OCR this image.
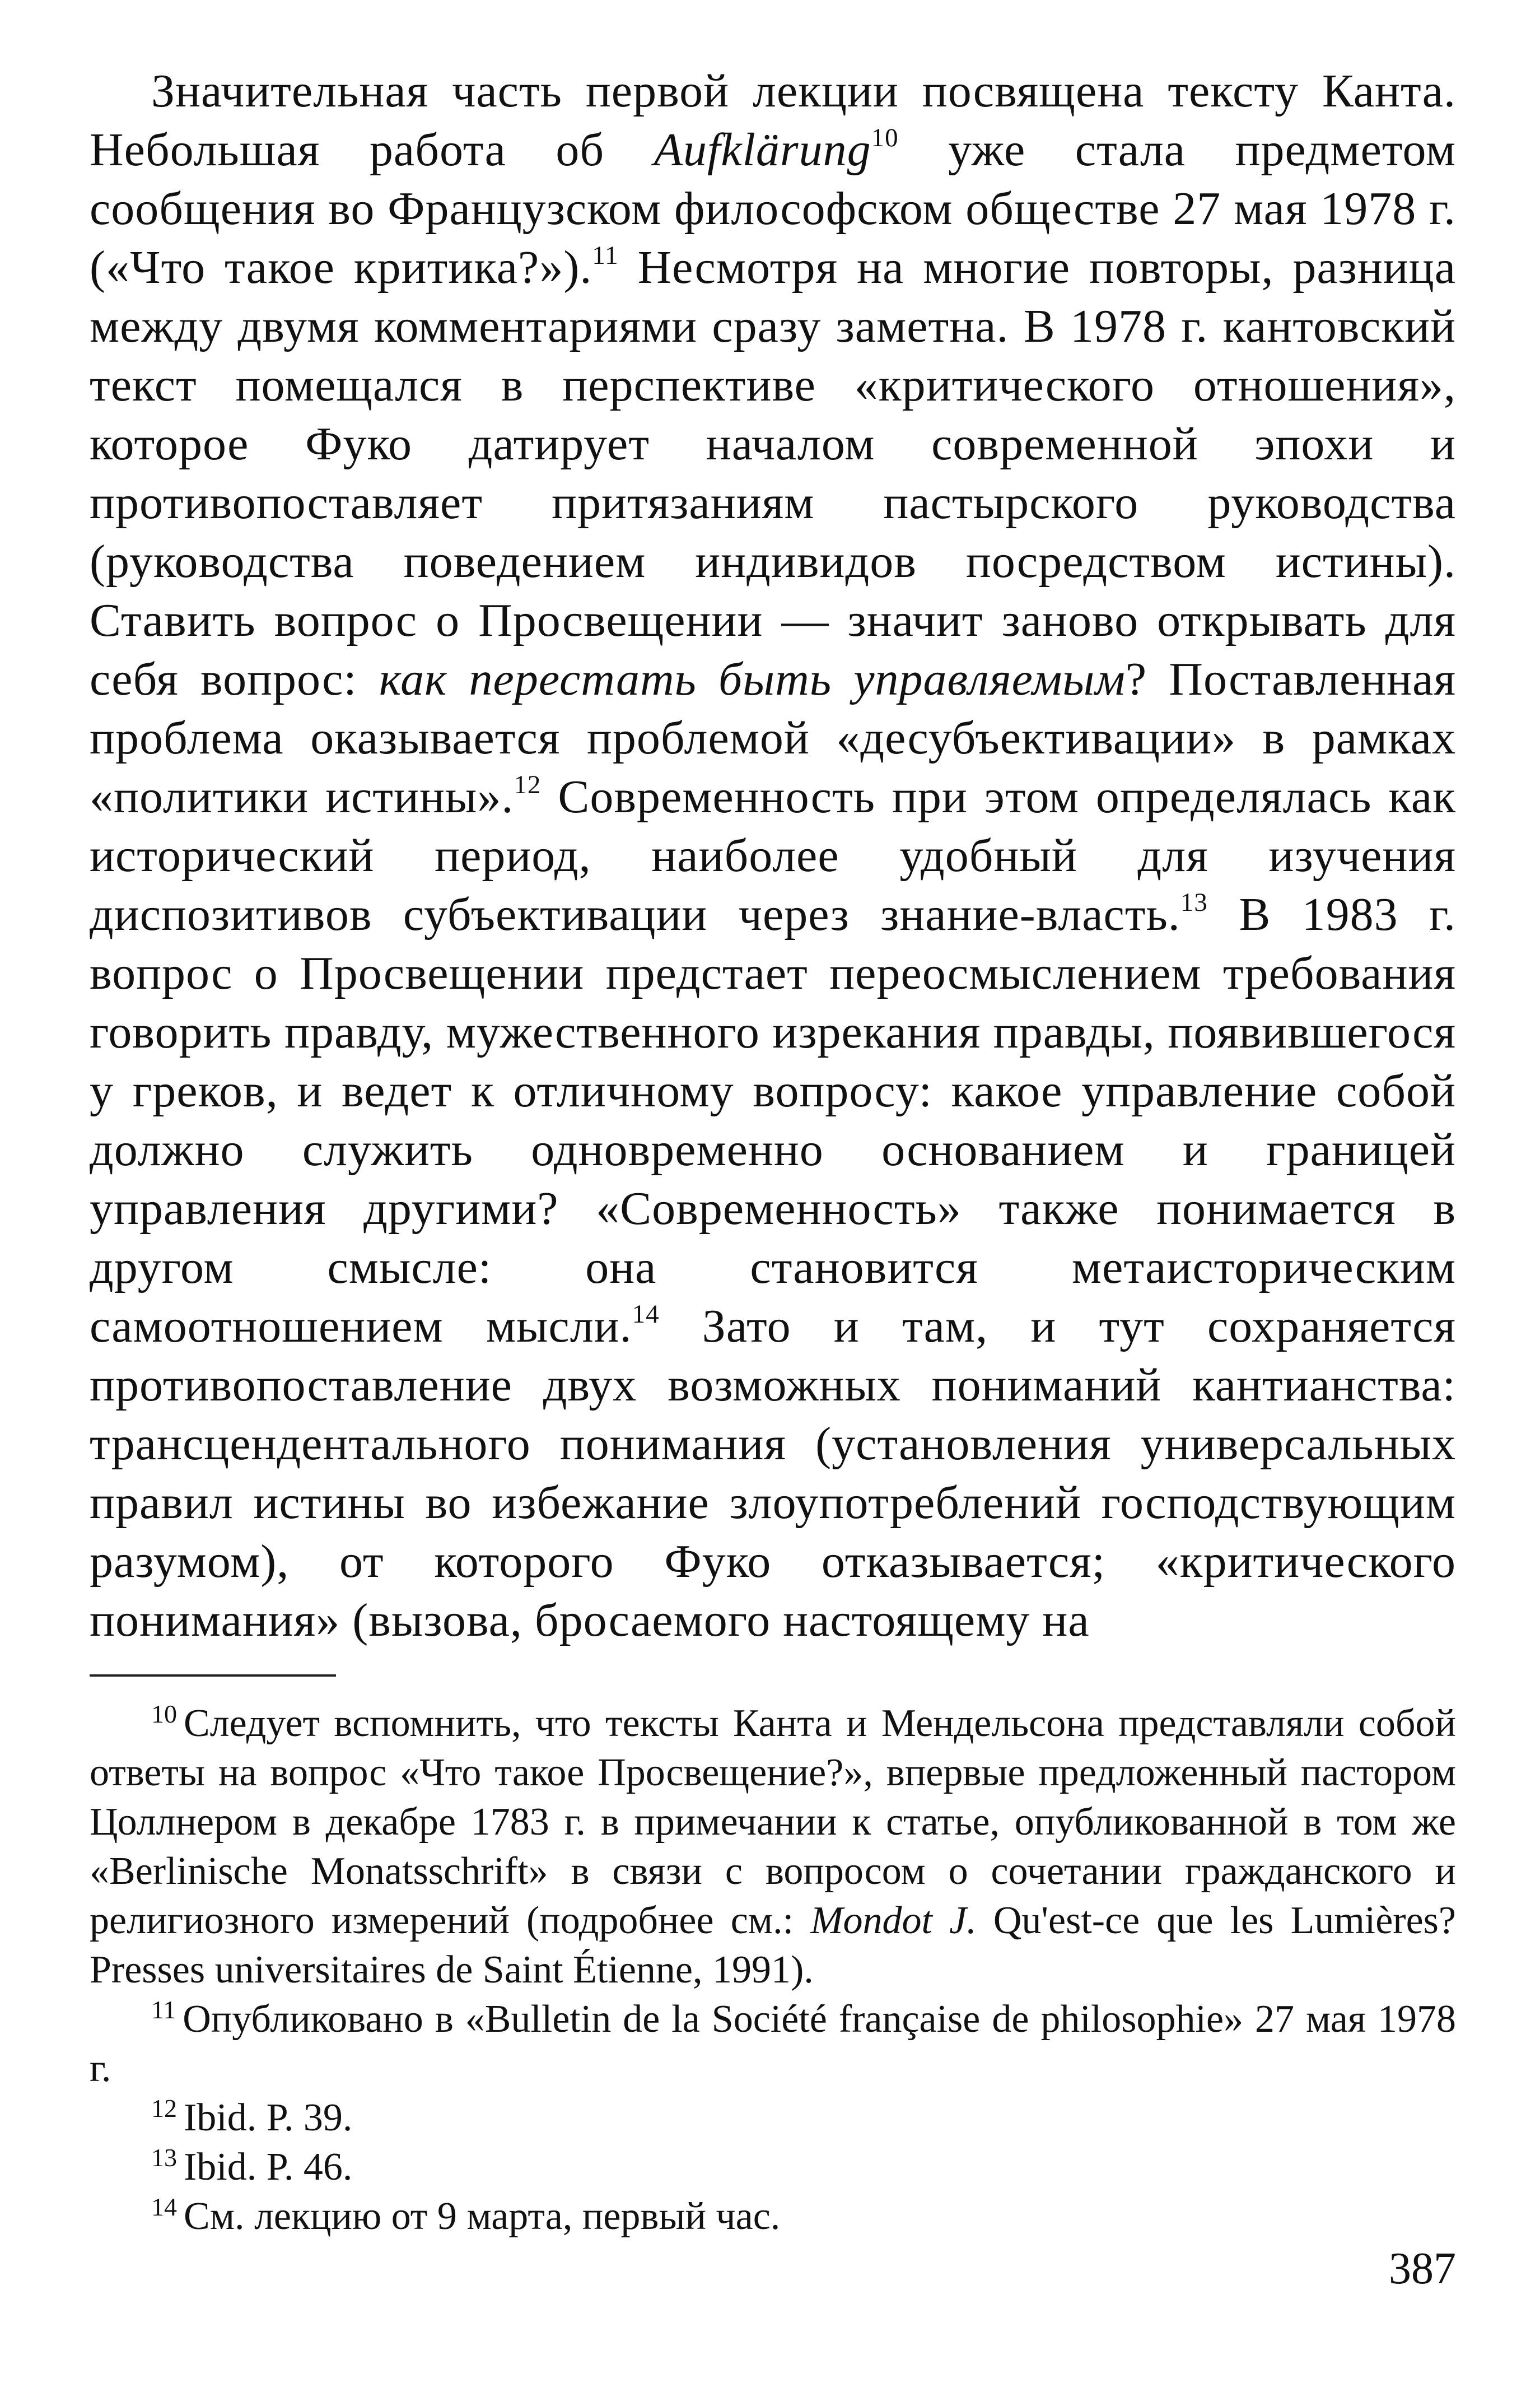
Значительная часть первой лекции посвящена тексту Канта. Небольшая работа об Aufklärung$^{10}$ уже стала предметом сообщения во Французском философском обществе 27 мая 1978 г. («Что такое критика?»).$^{11}$ Несмотря на многие повторы, разница между двумя комментариями сразу заметна. В 1978 г. кантовский текст помещался в перспективе «критического отношения», которое Фуко датирует началом современной эпохи и противопоставляет притязаниям пастырского руководства (руководства поведением индивидов посредством истины). Ставить вопрос о Просвещении — значит заново открывать для себя вопрос: как перестать быть управляемым? Поставленная проблема оказывается проблемой «десубъективации» в рамках «политики истины».$^{12}$ Современность при этом определялась как исторический период, наиболее удобный для изучения диспозитивов субъективации через знание-власть.$^{13}$ В 1983 г. вопрос о Просвещении предстает переосмыслением требования говорить правду, мужественного изрекания правды, появившегося у греков, и ведет к отличному вопросу: какое управление собой должно служить одновременно основанием и границей управления другими? «Современность» также понимается в другом смысле: она становится метаисторическим самоотношением мысли.$^{14}$ Зато и там, и тут сохраняется противопоставление двух возможных пониманий кантианства: трансцендентального понимания (установления универсальных правил истины во избежание злоупотреблений господствующим разумом), от которого Фуко отказывается; «критического понимания» (вызова, бросаемого настоящему на

$^{10}$ Следует вспомнить, что тексты Канта и Мендельсона представляли собой ответы на вопрос «Что такое Просвещение?», впервые предложенный пастором Цоллнером в декабре 1783 г. в примечании к статье, опубликованной в том же «Berlinische Monatsschrift» в связи с вопросом о сочетании гражданского и религиозного измерений (подробнее см.: Mondot J. Qu'est-ce que les Lumières? Presses universitaires de Saint Étienne, 1991).

$^{11}$ Опубликовано в «Bulletin de la Société française de philosophie» 27 мая 1978 г.

$^{12}$ Ibid. P. 39.

$^{13}$ Ibid. P. 46.

$^{14}$ См. лекцию от 9 марта, первый час.

387
